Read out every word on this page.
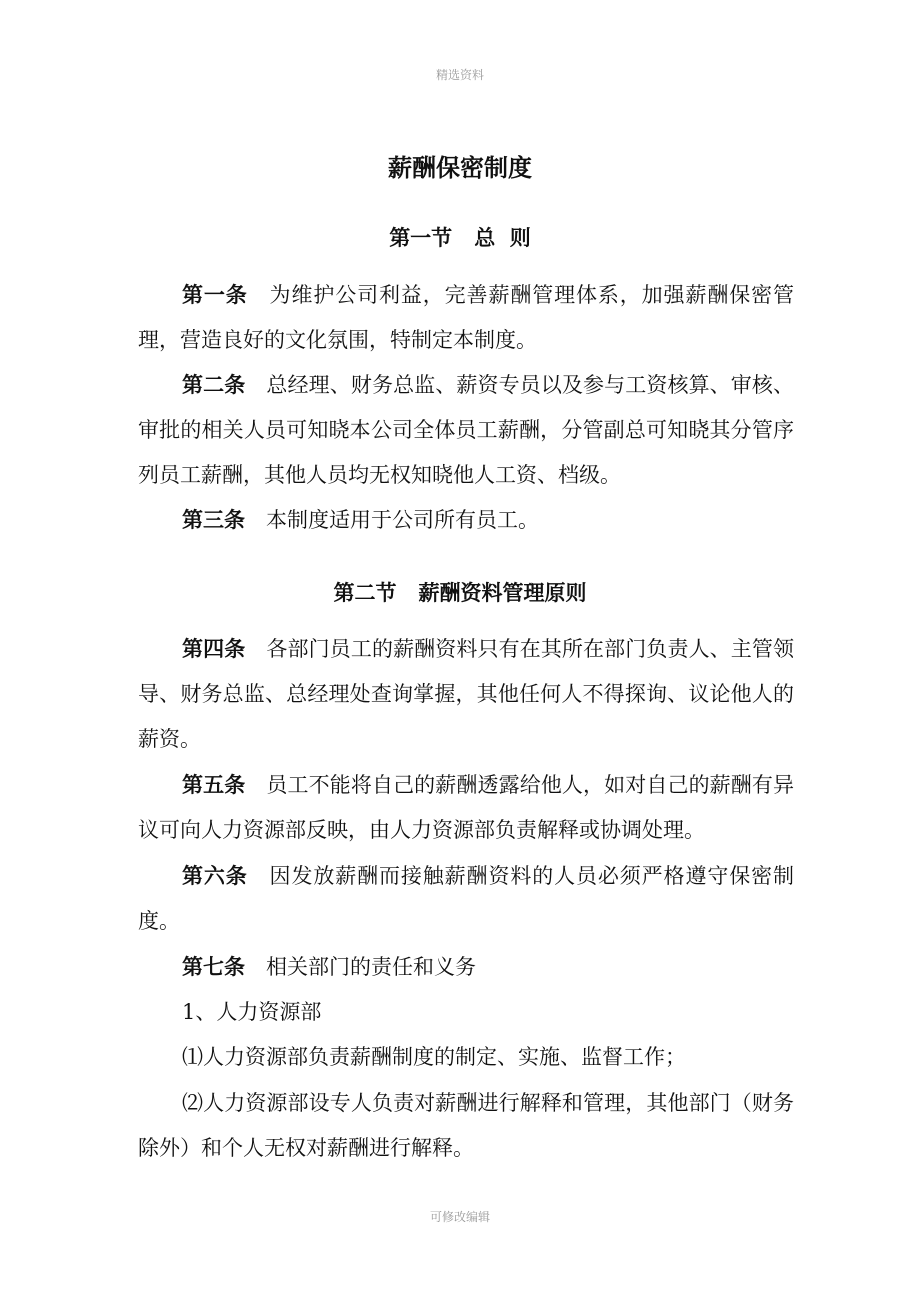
精选资料
薪酬保密制度
第一节 总  则
第一条 为维护公司利益，完善薪酬管理体系，加强薪酬保密管理，营造良好的文化氛围，特制定本制度。
第二条 总经理、财务总监、薪资专员以及参与工资核算、审核、审批的相关人员可知晓本公司全体员工薪酬，分管副总可知晓其分管序列员工薪酬，其他人员均无权知晓他人工资、档级。
第三条 本制度适用于公司所有员工。
第二节 薪酬资料管理原则
第四条 各部门员工的薪酬资料只有在其所在部门负责人、主管领导、财务总监、总经理处查询掌握，其他任何人不得探询、议论他人的薪资。
第五条 员工不能将自己的薪酬透露给他人，如对自己的薪酬有异议可向人力资源部反映，由人力资源部负责解释或协调处理。
第六条 因发放薪酬而接触薪酬资料的人员必须严格遵守保密制度。
第七条 相关部门的责任和义务
1、人力资源部
⑴人力资源部负责薪酬制度的制定、实施、监督工作；
⑵人力资源部设专人负责对薪酬进行解释和管理，其他部门（财务除外）和个人无权对薪酬进行解释。
可修改编辑
